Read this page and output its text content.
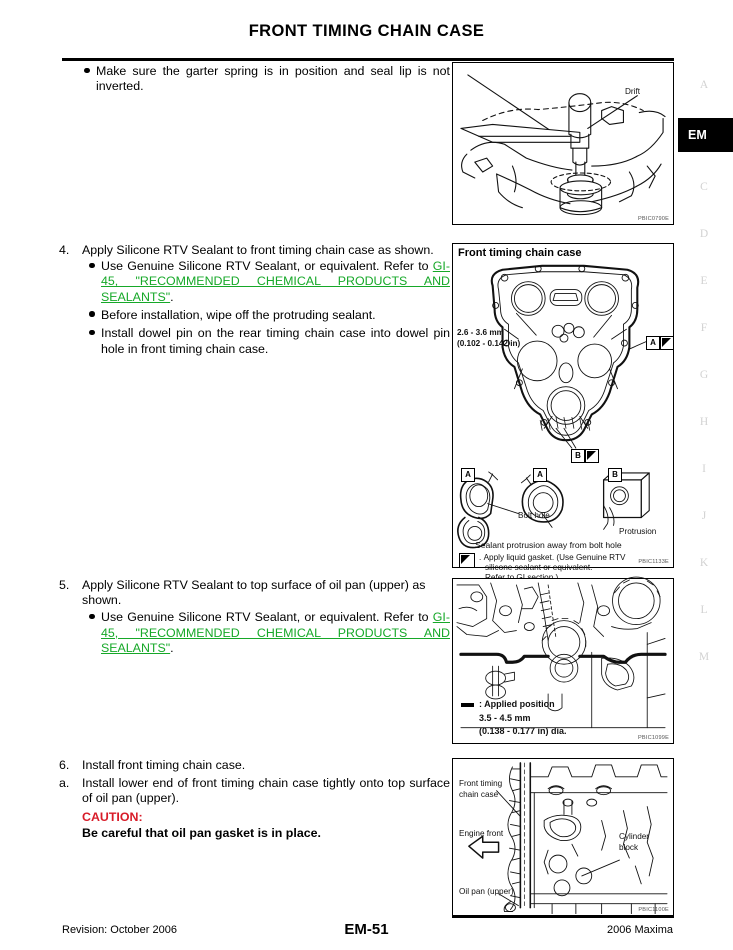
FRONT TIMING CHAIN CASE
A
EM
C
D
E
F
G
H
I
J
K
L
M
Make sure the garter spring is in position and seal lip is not inverted.	Drift
PBIC0790E
4.	Apply Silicone RTV Sealant to front timing chain case as shown.
Use Genuine Silicone RTV Sealant, or equivalent. Refer to GI-45, "RECOMMENDED CHEMICAL PRODUCTS AND SEALANTS".
Before installation, wipe off the protruding sealant.
Install dowel pin on the rear timing chain case into dowel pin hole in front timing chain case.
Front timing chain case
2.6 - 3.6 mm
(0.102 - 0.142 in)	A
B
A	A	B
Bolt hole
Protrusion
Sealant protrusion away from bolt hole
. Apply liquid gasket. (Use Genuine RTV
silicone sealant or equivalent.
PBIC1133E
5.	Apply Silicone RTV Sealant to top surface of oil pan (upper) as shown.
Use Genuine Silicone RTV Sealant, or equivalent. Refer to GI-45, "RECOMMENDED CHEMICAL PRODUCTS AND SEALANTS".
: Applied position
3.5 - 4.5 mm
(0.138 - 0.177 in) dia.
PBIC1099E
6.	Install front timing chain case.
a.	Install lower end of front timing chain case tightly onto top surface of oil pan (upper).
CAUTION:
Be careful that oil pan gasket is in place.
Front timing
chain case
Engine front	Cylinder
block
Oil pan (upper)
PBIC1100E
Revision: October 2006	EM-51	2006 Maxima
